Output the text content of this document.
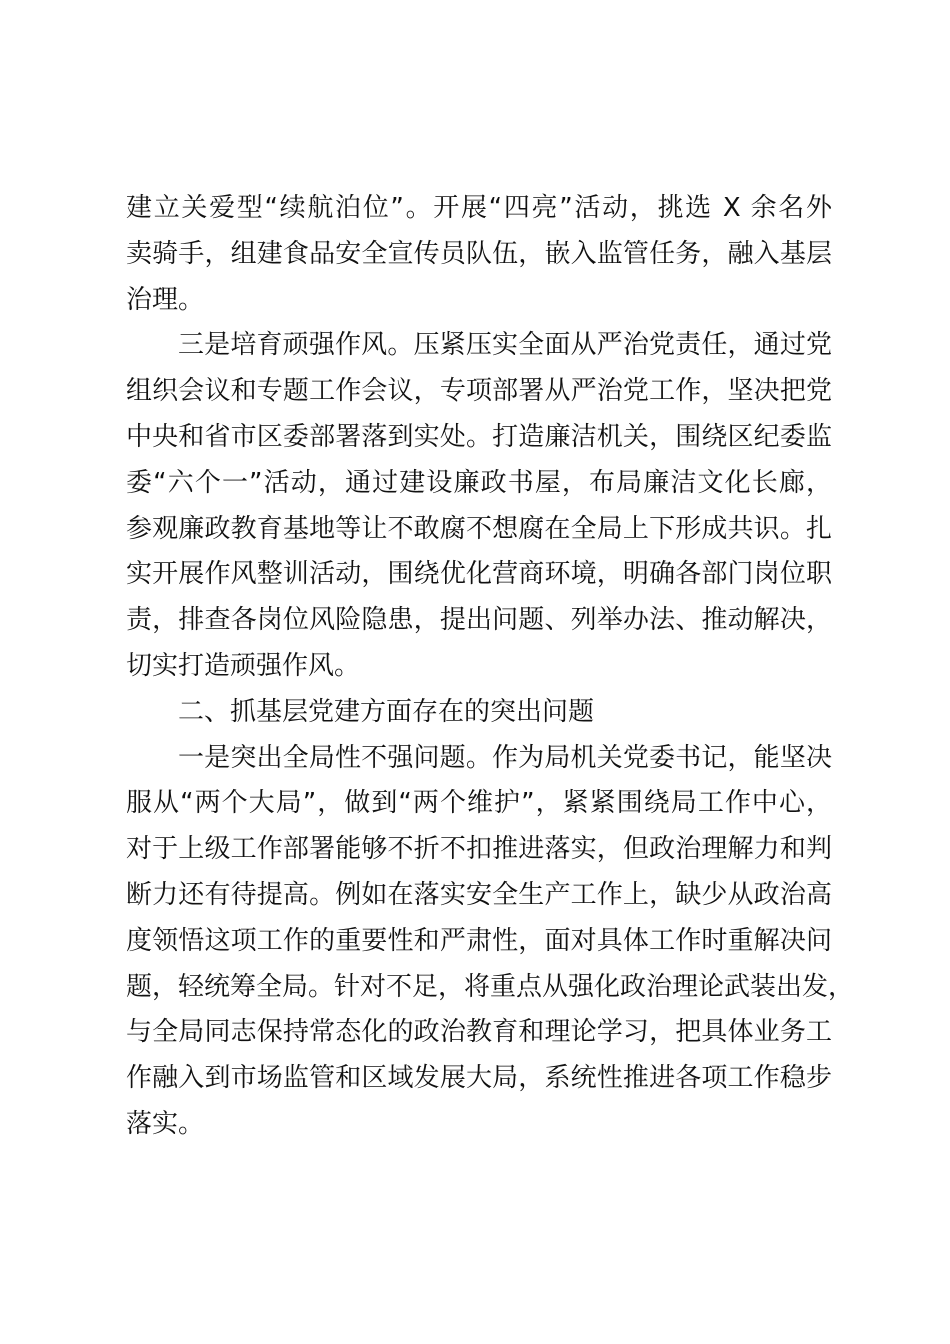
建立关爱型“续航泊位”。开展“四亮”活动，挑选 X 余名外
卖骑手，组建食品安全宣传员队伍，嵌入监管任务，融入基层
治理。
三是培育顽强作风。压紧压实全面从严治党责任，通过党
组织会议和专题工作会议，专项部署从严治党工作，坚决把党
中央和省市区委部署落到实处。打造廉洁机关，围绕区纪委监
委“六个一”活动，通过建设廉政书屋，布局廉洁文化长廊，
参观廉政教育基地等让不敢腐不想腐在全局上下形成共识。扎
实开展作风整训活动，围绕优化营商环境，明确各部门岗位职
责，排查各岗位风险隐患，提出问题、列举办法、推动解决，
切实打造顽强作风。
二、抓基层党建方面存在的突出问题
一是突出全局性不强问题。作为局机关党委书记，能坚决
服从“两个大局”，做到“两个维护”，紧紧围绕局工作中心，
对于上级工作部署能够不折不扣推进落实，但政治理解力和判
断力还有待提高。例如在落实安全生产工作上，缺少从政治高
度领悟这项工作的重要性和严肃性，面对具体工作时重解决问
题，轻统筹全局。针对不足，将重点从强化政治理论武装出发，
与全局同志保持常态化的政治教育和理论学习，把具体业务工
作融入到市场监管和区域发展大局，系统性推进各项工作稳步
落实。
